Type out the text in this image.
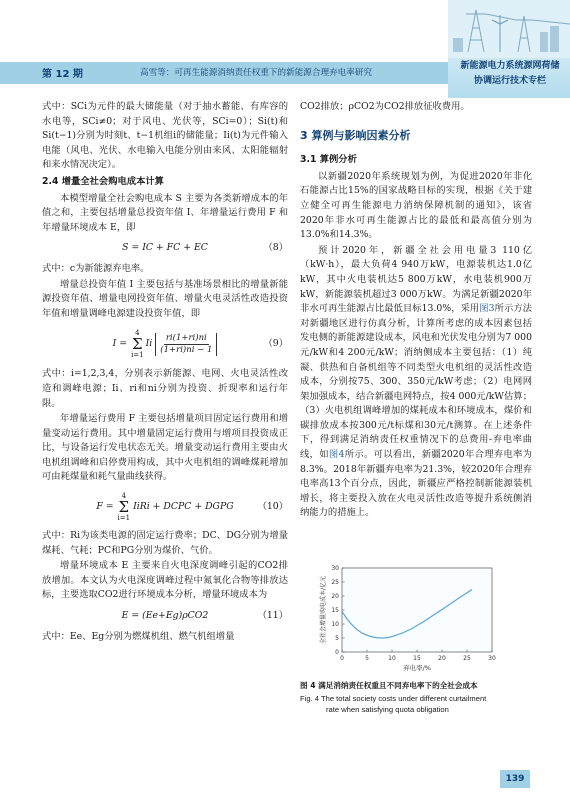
第 12 期	高雪等：可再生能源消纳责任权重下的新能源合理弃电率研究
新能源电力系统源网荷储
协调运行技术专栏

式中：SCi为元件的最大储能量（对于抽水蓄能、有库容的水电等，SCi≠0；对于风电、光伏等，SCi=0）；Si(t)和Si(t−1)分别为时刻t、t−1机组i的储能量；Ii(t)为元件输入电能（风电、光伏、水电输入电能分别由来风、太阳能辐射和来水情况决定）。

2.4 增量全社会购电成本计算

本模型增量全社会购电成本 S 主要为各类新增成本的年值之和，主要包括增量总投资年值 I、年增量运行费用 F 和年增量环境成本 E，即

S = IC + FC + EC	（8）

式中：c为新能源弃电率。

增量总投资年值 I 主要包括与基准场景相比的增量新能源投资年值、增量电网投资年值、增量火电灵活性改造投资年值和增量调峰电源建设投资年值，即

I =
4
Σ
i=1
Ii $\frac{ri(1+ri)ni}{(1+ri)ni - 1}$	（9）

式中：i=1,2,3,4，分别表示新能源、电网、火电灵活性改造和调峰电源；Ii、ri和ni分别为投资、折现率和运行年限。

年增量运行费用 F 主要包括增量项目固定运行费用和增量变动运行费用。其中增量固定运行费用与增项目投资成正比，与设备运行发电状态无关。增量变动运行费用主要由火电机组调峰和启停费用构成，其中火电机组的调峰煤耗增加可由耗煤量和耗气量曲线获得。

F =
4
Σ
i=1
IiRi + DCPC + DGPG	（10）

式中：Ri为该类电源的固定运行费率；DC、DG分别为增量煤耗、气耗；PC和PG分别为煤价、气价。

增量环境成本 E 主要来自火电深度调峰引起的CO2排放增加。本文认为火电深度调峰过程中氮氧化合物等排放达标，主要选取CO2进行环境成本分析，增量环境成本为

E = (Ee+Eg)ρCO2	（11）

式中：Ee、Eg分别为燃煤机组、燃气机组增量

CO2排放；ρCO2为CO2排放征收费用。

3 算例与影响因素分析

3.1 算例分析

以新疆2020年系统规划为例，为促进2020年非化石能源占比15%的国家战略目标的实现，根据《关于建立健全可再生能源电力消纳保障机制的通知》，该省2020年非水可再生能源占比的最低和最高值分别为13.0%和14.3%。

预计2020年，新疆全社会用电量3 110亿（kW·h），最大负荷4 940万kW，电源装机达1.0亿kW，其中火电装机达5 800万kW，水电装机900万kW，新能源装机超过3 000万kW。为满足新疆2020年非水可再生能源占比最低目标13.0%，采用图3所示方法对新疆地区进行仿真分析，计算所考虑的成本因素包括发电侧的新能源建设成本，风电和光伏发电分别为7 000元/kW和4 200元/kW；消纳侧成本主要包括：（1）纯凝、供热和自备机组等不同类型火电机组的灵活性改造成本，分别按75、300、350元/kW考虑；（2）电网网架加强成本，结合新疆电网特点，按4 000元/kW估算；（3）火电机组调峰增加的煤耗成本和环境成本，煤价和碳排放成本按300元/t标煤和30元/t测算。在上述条件下，得到满足消纳责任权重情况下的总费用-弃电率曲线，如图4所示。可以看出，新疆2020年合理弃电率为8.3%。2018年新疆弃电率为21.3%，较2020年合理弃电率高13个百分点，因此，新疆应严格控制新能源装机增长，将主要投入放在火电灵活性改造等提升系统侧消纳能力的措施上。

0	5	10	15	20	25	30
0
5
10
15
20
25
30
弃电率/%
全社会增量购电成本/亿元
图 4 满足消纳责任权重且不同弃电率下的全社会成本
Fig. 4 The total society costs under different curtailment
rate when satisfying quota obligation
139
